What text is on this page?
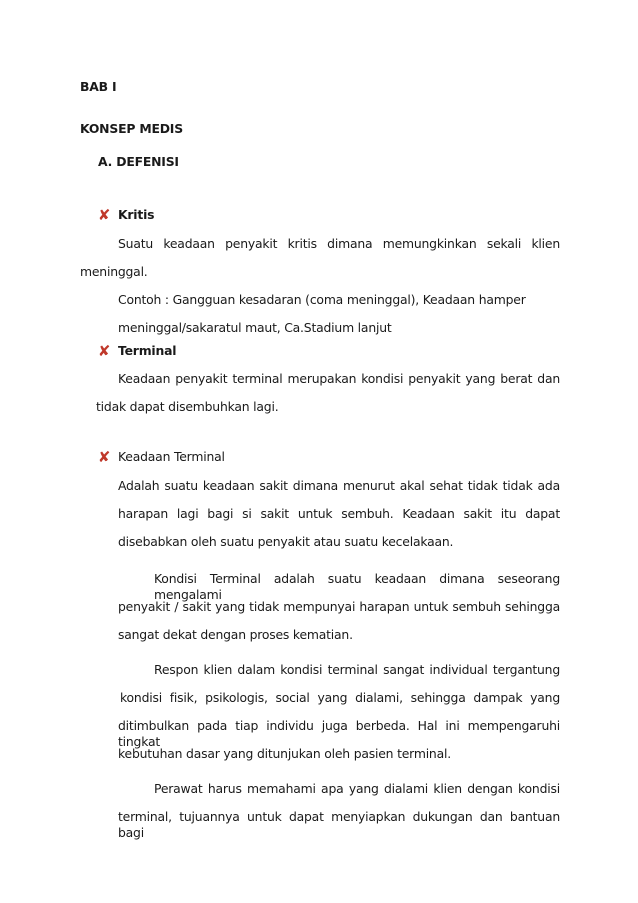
BAB I
KONSEP MEDIS
A. DEFENISI
✘ Kritis
Suatu keadaan penyakit kritis dimana memungkinkan sekali klien
meninggal.
Contoh : Gangguan kesadaran (coma meninggal), Keadaan hamper
meninggal/sakaratul maut, Ca.Stadium lanjut
✘ Terminal
Keadaan penyakit terminal merupakan kondisi penyakit yang berat dan
tidak dapat disembuhkan lagi.
✘ Keadaan Terminal
Adalah suatu keadaan sakit dimana menurut akal sehat tidak tidak ada
harapan lagi bagi si sakit untuk sembuh. Keadaan sakit itu dapat
disebabkan oleh suatu penyakit atau suatu kecelakaan.
Kondisi Terminal adalah suatu keadaan dimana seseorang mengalami
penyakit / sakit yang tidak mempunyai harapan untuk sembuh sehingga
sangat dekat dengan proses kematian.
Respon klien dalam kondisi terminal sangat individual tergantung
kondisi fisik, psikologis, social yang dialami, sehingga dampak yang
ditimbulkan pada tiap individu juga berbeda. Hal ini mempengaruhi tingkat
kebutuhan dasar yang ditunjukan oleh pasien terminal.
Perawat harus memahami apa yang dialami klien dengan kondisi
terminal, tujuannya untuk dapat menyiapkan dukungan dan bantuan bagi
